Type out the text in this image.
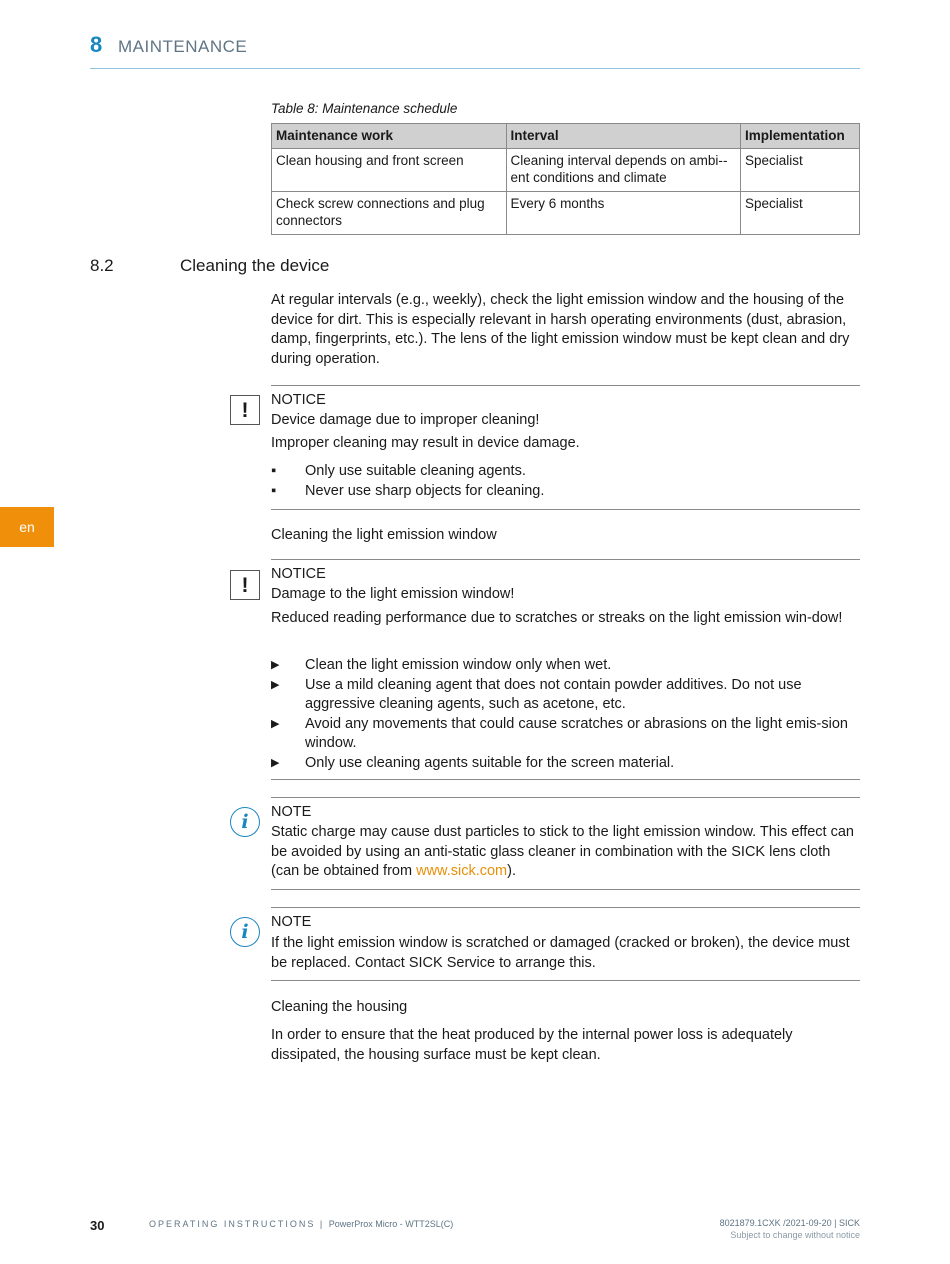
8 MAINTENANCE
Table 8: Maintenance schedule
Maintenance work	Interval	Implementation
Clean housing and front screen	Cleaning interval depends on ambi-ent conditions and climate	Specialist
Check screw connections and plug connectors	Every 6 months	Specialist
8.2	Cleaning the device
At regular intervals (e.g., weekly), check the light emission window and the housing of the device for dirt. This is especially relevant in harsh operating environments (dust, abrasion, damp, fingerprints, etc.). The lens of the light emission window must be kept clean and dry during operation.
!	NOTICE
Device damage due to improper cleaning!
Improper cleaning may result in device damage.
▪ Only use suitable cleaning agents.
▪ Never use sharp objects for cleaning.
en	Cleaning the light emission window
!	NOTICE
Damage to the light emission window!
Reduced reading performance due to scratches or streaks on the light emission win-dow!
▶ Clean the light emission window only when wet.
▶ Use a mild cleaning agent that does not contain powder additives. Do not use aggressive cleaning agents, such as acetone, etc.
▶ Avoid any movements that could cause scratches or abrasions on the light emis-sion window.
▶ Only use cleaning agents suitable for the screen material.
i	NOTE
Static charge may cause dust particles to stick to the light emission window. This effect can be avoided by using an anti-static glass cleaner in combination with the SICK lens cloth (can be obtained from www.sick.com).
i	NOTE
If the light emission window is scratched or damaged (cracked or broken), the device must be replaced. Contact SICK Service to arrange this.
Cleaning the housing
In order to ensure that the heat produced by the internal power loss is adequately dissipated, the housing surface must be kept clean.
30	OPERATING INSTRUCTIONS | PowerProx Micro - WTT2SL(C)	8021879.1CXK /2021-09-20 | SICK
Subject to change without notice
